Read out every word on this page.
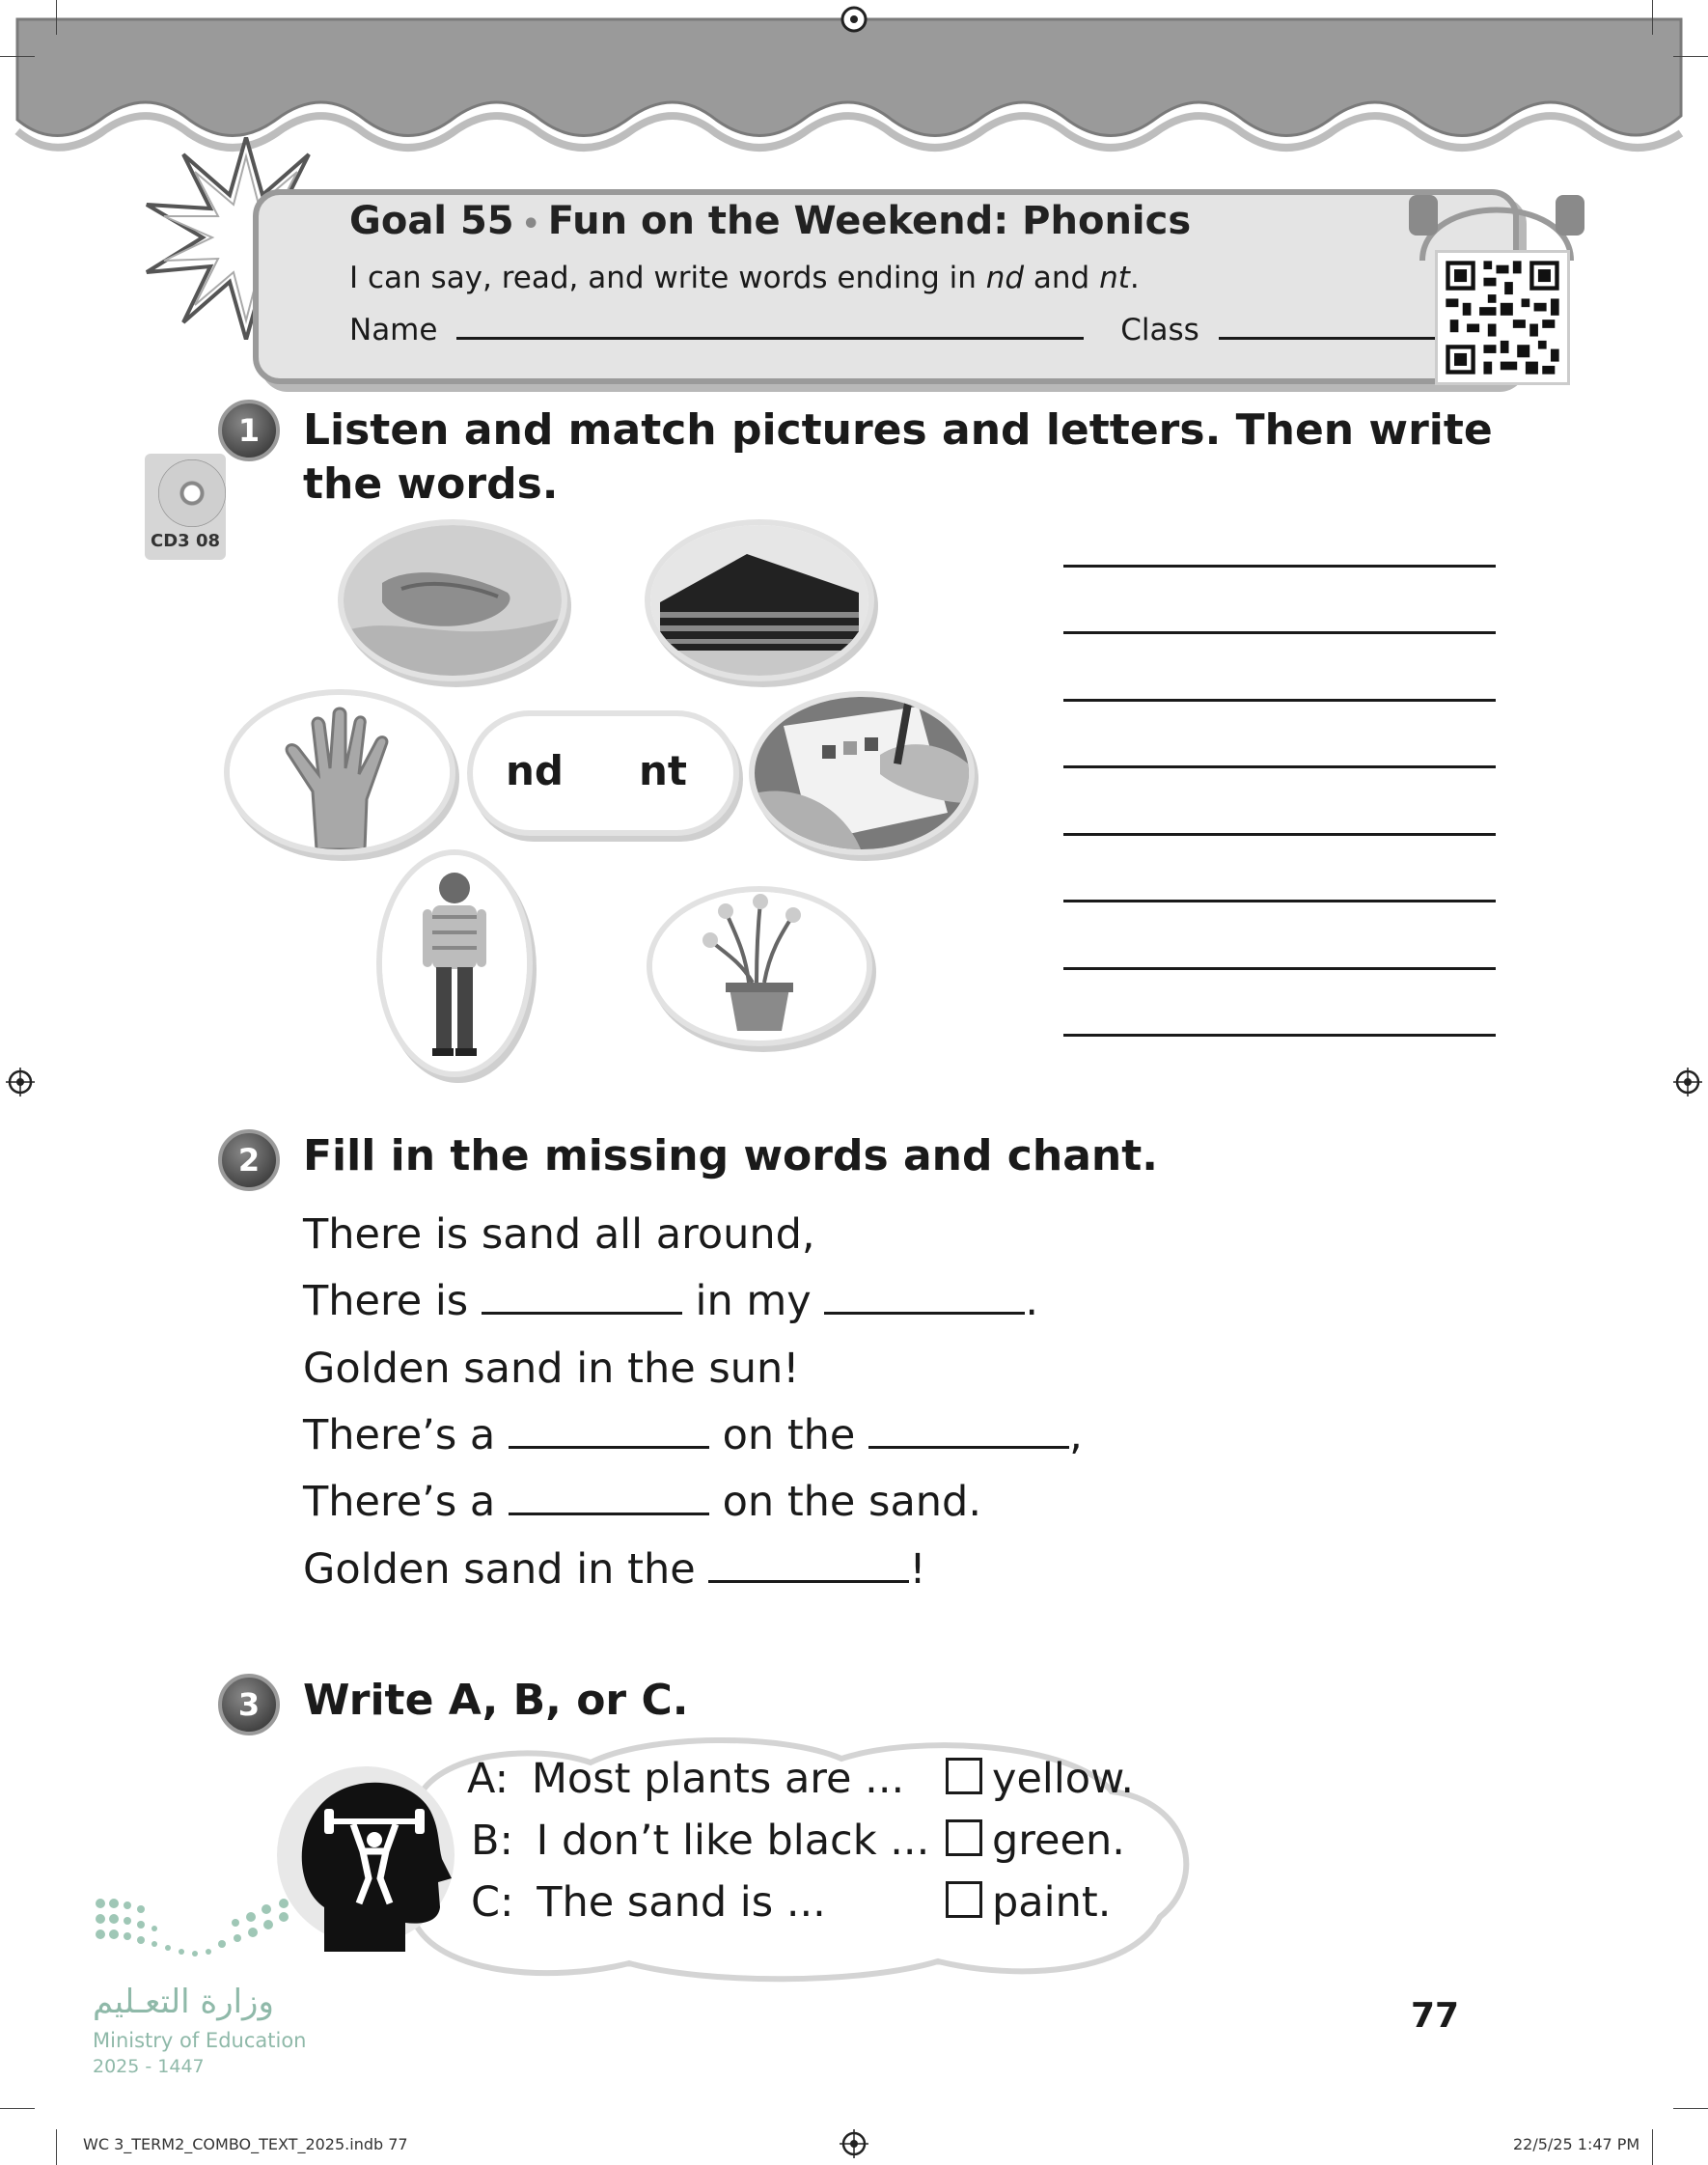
Goal 55 • Fun on the Weekend: Phonics
I can say, read, and write words ending in nd and nt.
Name	Class
CD3 08
1	Listen and match pictures and letters. Then write
the words.
nd nt
2	Fill in the missing words and chant.
There is sand all around,
There is	in my	.
Golden sand in the sun!
There’s a	on the	,
There’s a	on the sand.
Golden sand in the	!
3	Write A, B, or C.
A: Most plants are ...	yellow.
B: I don’t like black ...	green.
C: The sand is ...	paint.
وزارة التعـليم
Ministry of Education
2025 - 1447
77
WC 3_TERM2_COMBO_TEXT_2025.indb 77	22/5/25 1:47 PM
